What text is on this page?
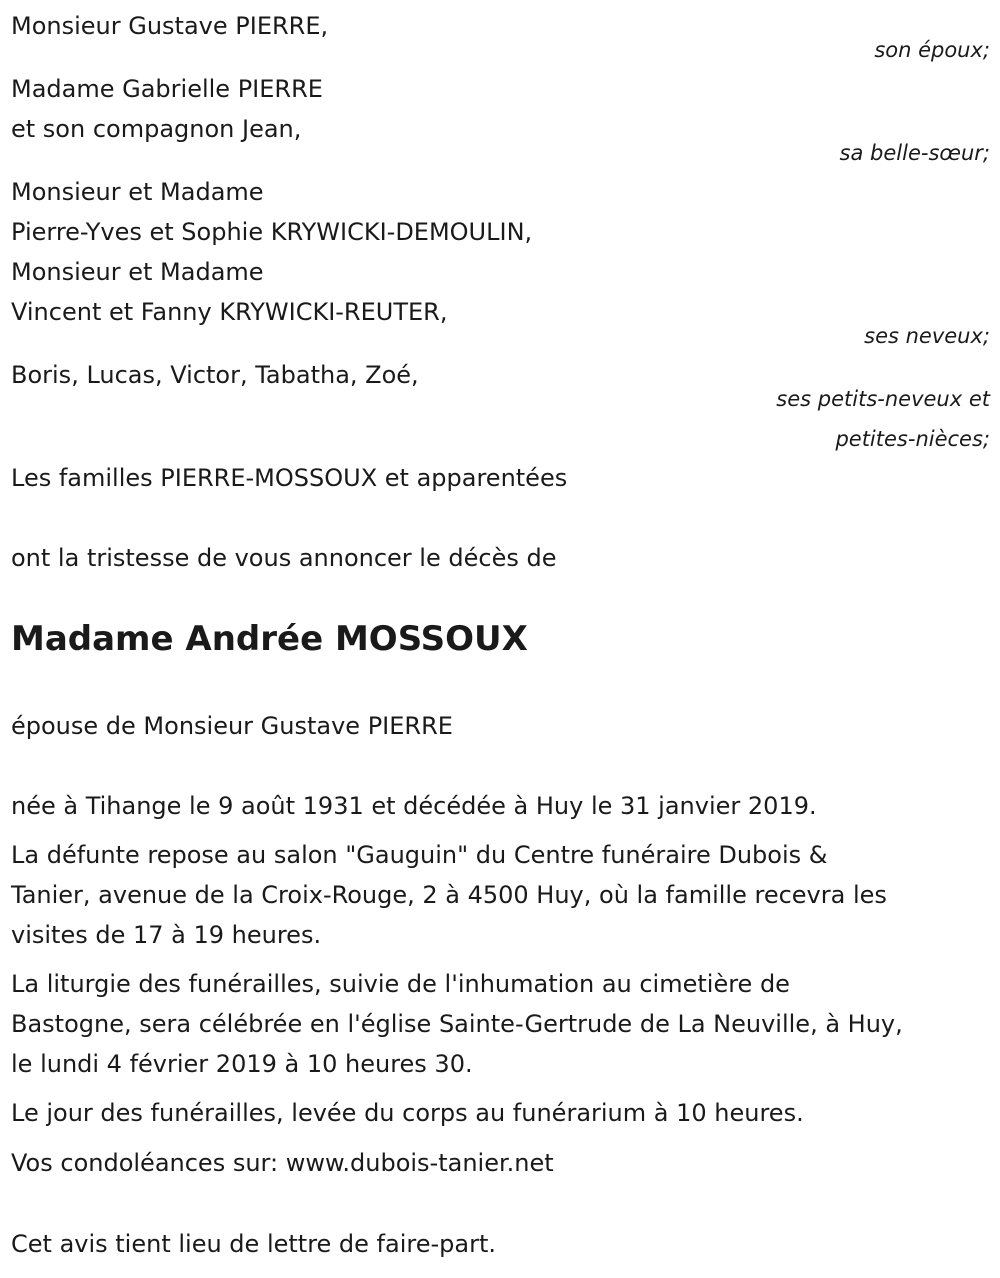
Monsieur Gustave PIERRE,
son époux;
Madame Gabrielle PIERRE
et son compagnon Jean,
sa belle-sœur;
Monsieur et Madame
Pierre-Yves et Sophie KRYWICKI-DEMOULIN,
Monsieur et Madame
Vincent et Fanny KRYWICKI-REUTER,
ses neveux;
Boris, Lucas, Victor, Tabatha, Zoé,
ses petits-neveux et
petites-nièces;
Les familles PIERRE-MOSSOUX et apparentées
ont la tristesse de vous annoncer le décès de
Madame Andrée MOSSOUX
épouse de Monsieur Gustave PIERRE
née à Tihange le 9 août 1931 et décédée à Huy le 31 janvier 2019.
La défunte repose au salon "Gauguin" du Centre funéraire Dubois &
Tanier, avenue de la Croix-Rouge, 2 à 4500 Huy, où la famille recevra les
visites de 17 à 19 heures.
La liturgie des funérailles, suivie de l'inhumation au cimetière de
Bastogne, sera célébrée en l'église Sainte-Gertrude de La Neuville, à Huy,
le lundi 4 février 2019 à 10 heures 30.
Le jour des funérailles, levée du corps au funérarium à 10 heures.
Vos condoléances sur: www.dubois-tanier.net
Cet avis tient lieu de lettre de faire-part.
